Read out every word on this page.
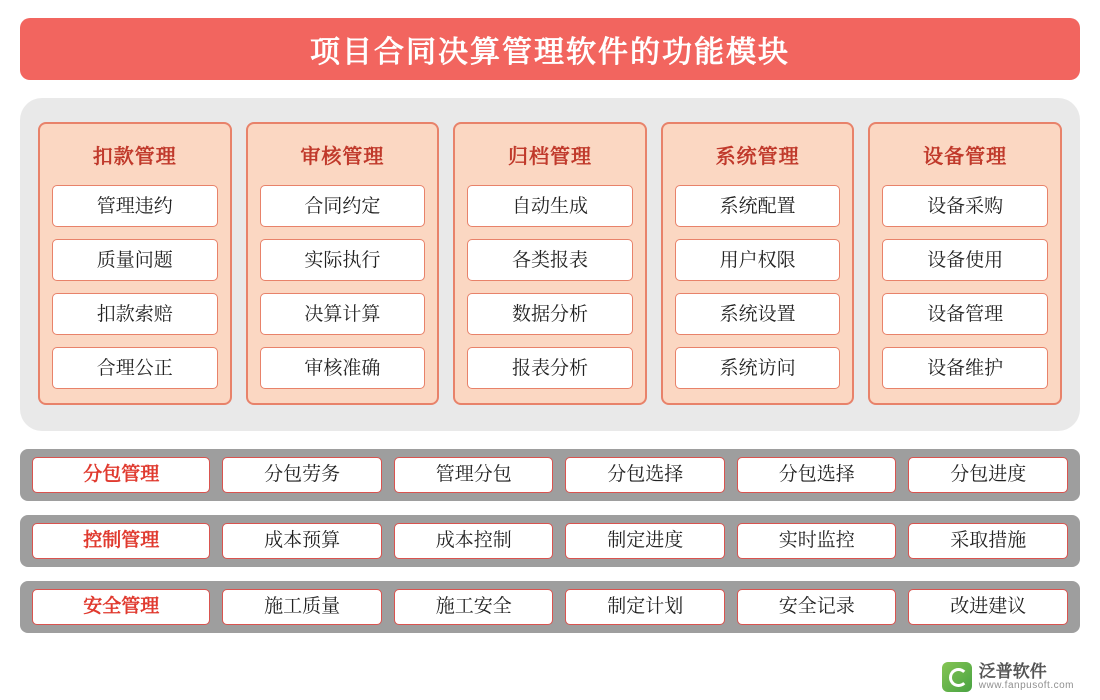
项目合同决算管理软件的功能模块
扣款管理
管理违约
质量问题
扣款索赔
合理公正
审核管理
合同约定
实际执行
决算计算
审核准确
归档管理
自动生成
各类报表
数据分析
报表分析
系统管理
系统配置
用户权限
系统设置
系统访问
设备管理
设备采购
设备使用
设备管理
设备维护
分包管理	分包劳务	管理分包	分包选择	分包选择	分包进度
控制管理	成本预算	成本控制	制定进度	实时监控	采取措施
安全管理	施工质量	施工安全	制定计划	安全记录	改进建议
泛普软件
www.fanpusoft.com
